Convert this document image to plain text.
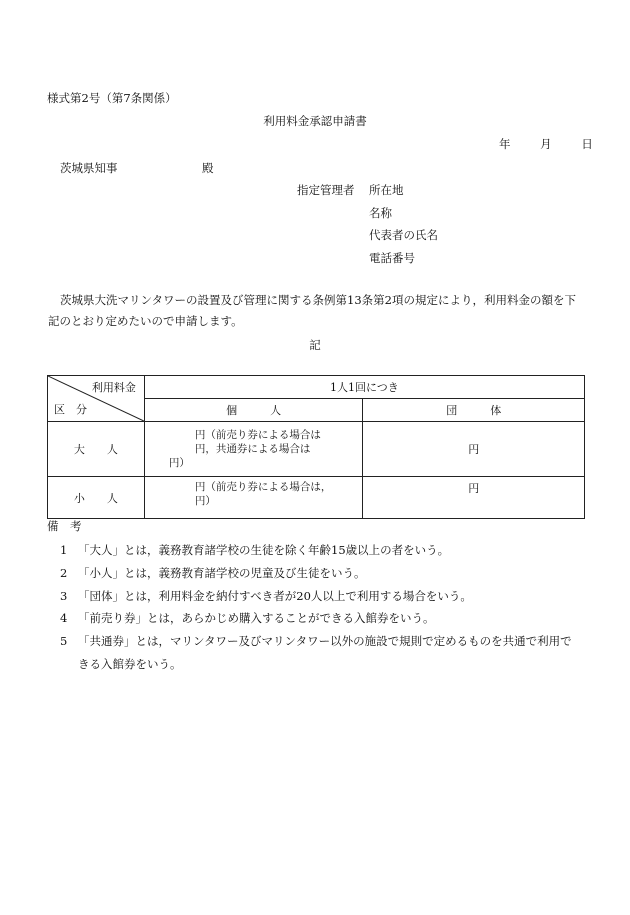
様式第2号（第7条関係）
利用料金承認申請書
年	月	日
茨城県知事	殿
指定管理者 所在地
名称
代表者の氏名
電話番号
茨城県大洗マリンタワーの設置及び管理に関する条例第13条第2項の規定により，利用料金の額を下記のとおり定めたいので申請します。
記
利用料金
区　分	1人1回につき	
	個　　　人	団　　　体
大　　人	円（前売り券による場合は
円，共通券による場合は
円）	円
小　　人	円（前売り券による場合は，
円）	円
備　考
1 「大人」とは，義務教育諸学校の生徒を除く年齢15歳以上の者をいう。
2 「小人」とは，義務教育諸学校の児童及び生徒をいう。
3 「団体」とは，利用料金を納付すべき者が20人以上で利用する場合をいう。
4 「前売り券」とは，あらかじめ購入することができる入館券をいう。
5 「共通券」とは，マリンタワー及びマリンタワー以外の施設で規則で定めるものを共通で利用で
きる入館券をいう。
